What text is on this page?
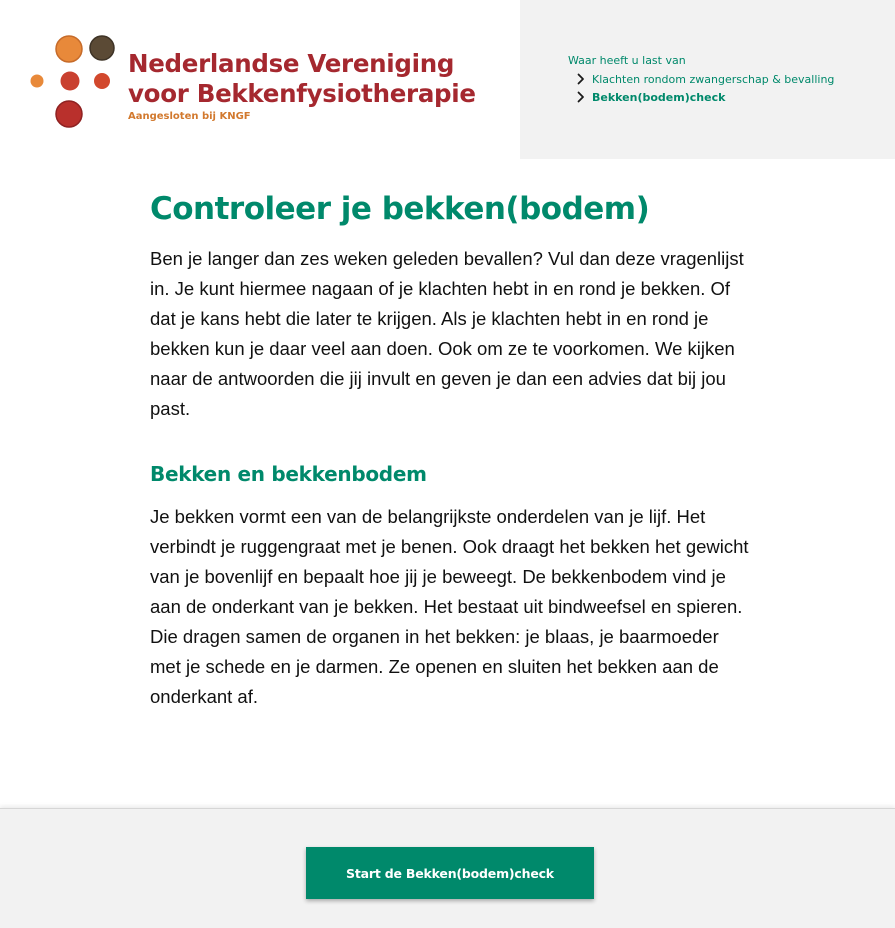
Nederlandse Vereniging
voor Bekkenfysiotherapie
Aangesloten bij KNGF
Waar heeft u last van
Klachten rondom zwangerschap & bevalling
Bekken(bodem)check
Controleer je bekken(bodem)

Ben je langer dan zes weken geleden bevallen? Vul dan deze vragenlijst in. Je kunt hiermee nagaan of je klachten hebt in en rond je bekken. Of dat je kans hebt die later te krijgen. Als je klachten hebt in en rond je bekken kun je daar veel aan doen. Ook om ze te voorkomen. We kijken naar de antwoorden die jij invult en geven je dan een advies dat bij jou past.

Bekken en bekkenbodem

Je bekken vormt een van de belangrijkste onderdelen van je lijf. Het verbindt je ruggengraat met je benen. Ook draagt het bekken het gewicht van je bovenlijf en bepaalt hoe jij je beweegt. De bekkenbodem vind je aan de onderkant van je bekken. Het bestaat uit bindweefsel en spieren. Die dragen samen de organen in het bekken: je blaas, je baarmoeder met je schede en je darmen. Ze openen en sluiten het bekken aan de onderkant af.

Start de Bekken(bodem)check
